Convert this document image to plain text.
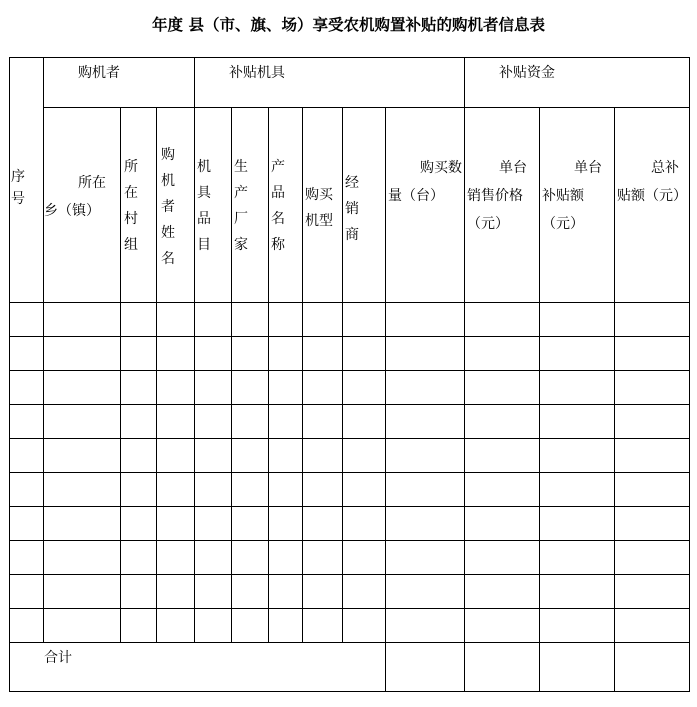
年度 县（市、旗、场）享受农机购置补贴的购机者信息表
序号	购机者			补贴机具						补贴资金		

	所在乡（镇）	所在村组	购机者姓名	机具品目	生产厂家	产品名称	购买机型	经销商	购买数量（台）	单台销售价格（元）	单台补贴额（元）	总补贴额（元）

合计												
